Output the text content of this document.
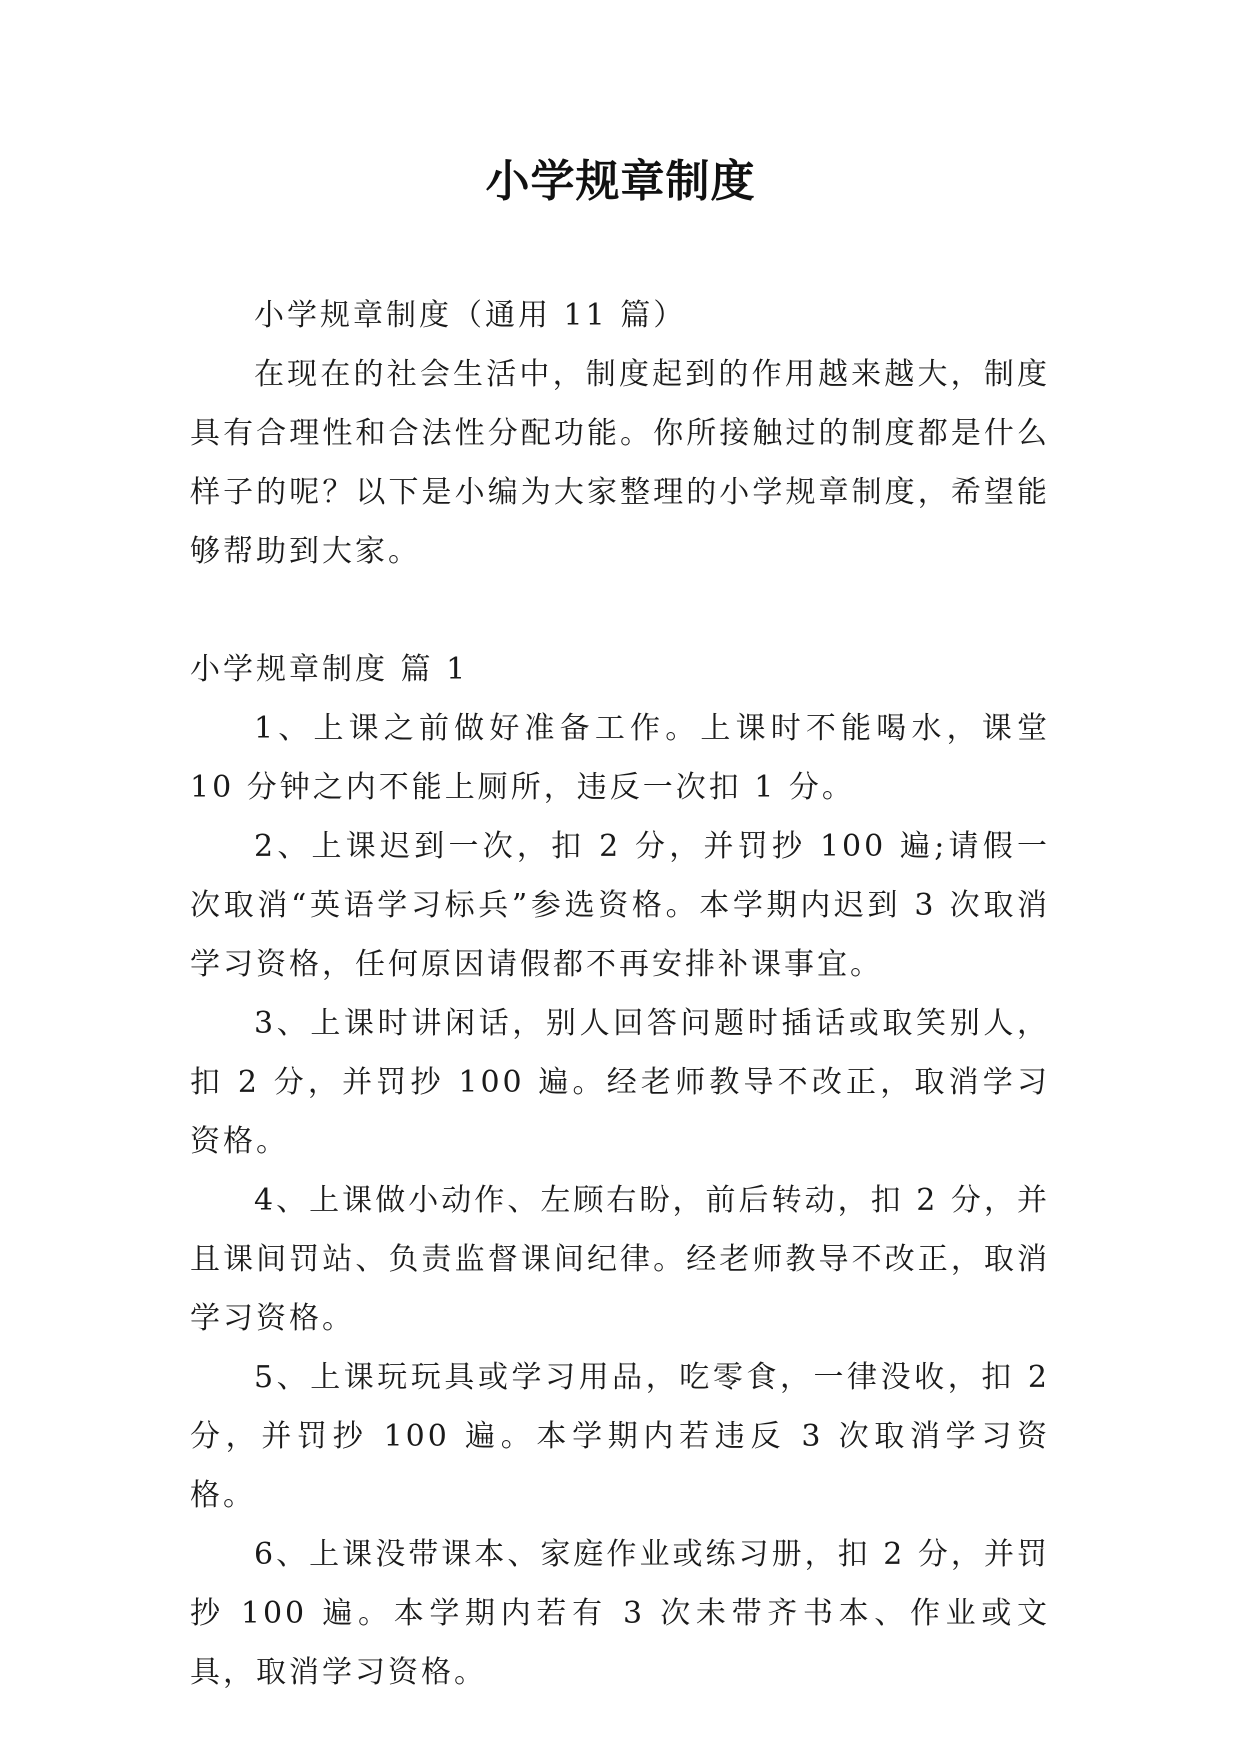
小学规章制度

小学规章制度（通用 11 篇）

在现在的社会生活中，制度起到的作用越来越大，制度具有合理性和合法性分配功能。你所接触过的制度都是什么样子的呢？以下是小编为大家整理的小学规章制度，希望能够帮助到大家。

小学规章制度 篇 1

1、上课之前做好准备工作。上课时不能喝水，课堂 10 分钟之内不能上厕所，违反一次扣 1 分。

2、上课迟到一次，扣 2 分，并罚抄 100 遍;请假一次取消“英语学习标兵”参选资格。本学期内迟到 3 次取消学习资格，任何原因请假都不再安排补课事宜。

3、上课时讲闲话，别人回答问题时插话或取笑别人，扣 2 分，并罚抄 100 遍。经老师教导不改正，取消学习资格。

4、上课做小动作、左顾右盼，前后转动，扣 2 分，并且课间罚站、负责监督课间纪律。经老师教导不改正，取消学习资格。

5、上课玩玩具或学习用品，吃零食，一律没收，扣 2 分，并罚抄 100 遍。本学期内若违反 3 次取消学习资格。

6、上课没带课本、家庭作业或练习册，扣 2 分，并罚抄 100 遍。本学期内若有 3 次未带齐书本、作业或文具，取消学习资格。
